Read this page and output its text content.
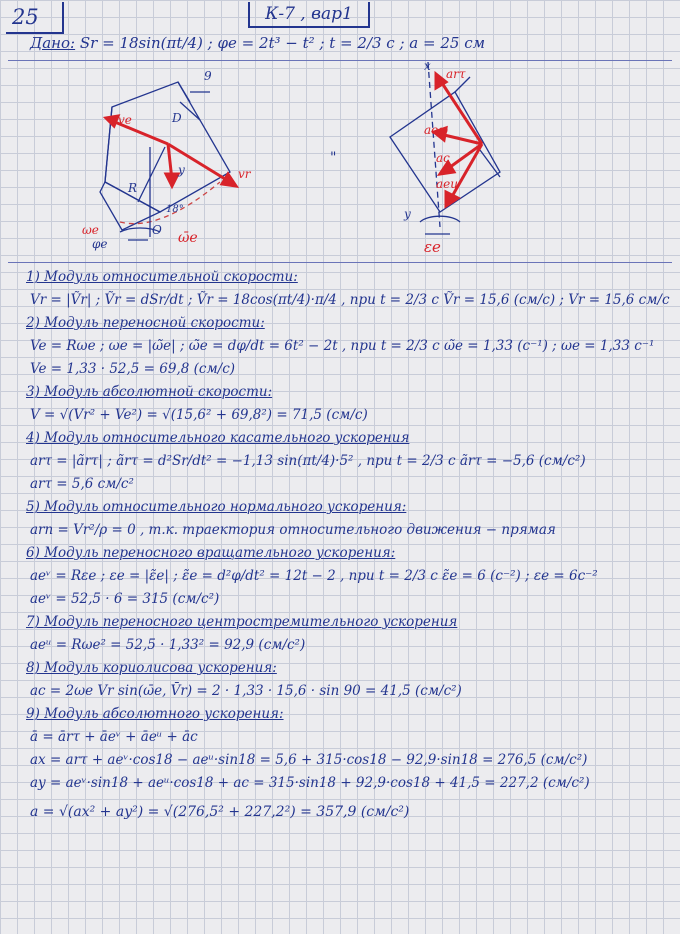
25	К-7 , вар1
Дано: Sr = 18sin(πt/4) ; φe = 2t³ − t² ; t = 2/3 c ; a = 25 см
ve
vr
D
9
R
18°
O
y
ωe
φe	ω̄e
"
x
arτ
aeω
ac
aeu
y
εe
1) Модуль относительной скорости:
Vr = |Ṽr| ; Ṽr = dSr/dt ; Ṽr = 18cos(πt/4)·π/4 , при t = 2/3 c Ṽr = 15,6 (см/с) ; Vr = 15,6 см/с
2) Модуль переносной скорости:
Ve = Rωe ; ωe = |ω̃e| ; ω̃e = dφ/dt = 6t² − 2t , при t = 2/3 c ω̃e = 1,33 (с⁻¹) ; ωe = 1,33 с⁻¹
Ve = 1,33 · 52,5 = 69,8 (см/с)
3) Модуль абсолютной скорости:
V = √(Vr² + Ve²) = √(15,6² + 69,8²) = 71,5 (см/с)
4) Модуль относительного касательного ускорения
arτ = |ãrτ| ; ãrτ = d²Sr/dt² = −1,13 sin(πt/4)·5² , при t = 2/3 c ãrτ = −5,6 (см/с²)
arτ = 5,6 см/с²
5) Модуль относительного нормального ускорения:
arn = Vr²/ρ = 0 , т.к. траектория относительного движения − прямая
6) Модуль переносного вращательного ускорения:
aeᵛ = Rεe ; εe = |ε̃e| ; ε̃e = d²φ/dt² = 12t − 2 , при t = 2/3 c ε̃e = 6 (с⁻²) ; εe = 6с⁻²
aeᵛ = 52,5 · 6 = 315 (см/с²)
7) Модуль переносного центростремительного ускорения
aeᵘ = Rωe² = 52,5 · 1,33² = 92,9 (см/с²)
8) Модуль кориолисова ускорения:
ac = 2ωe Vr sin(ω̄e, V̄r) = 2 · 1,33 · 15,6 · sin 90 = 41,5 (см/с²)
9) Модуль абсолютного ускорения:
ā = ārτ + āeᵛ + āeᵘ + āc
ax = arτ + aeᵛ·cos18 − aeᵘ·sin18 = 5,6 + 315·cos18 − 92,9·sin18 = 276,5 (см/с²)
ay = aeᵛ·sin18 + aeᵘ·cos18 + ac = 315·sin18 + 92,9·cos18 + 41,5 = 227,2 (см/с²)
a = √(ax² + ay²) = √(276,5² + 227,2²) = 357,9 (см/с²)
